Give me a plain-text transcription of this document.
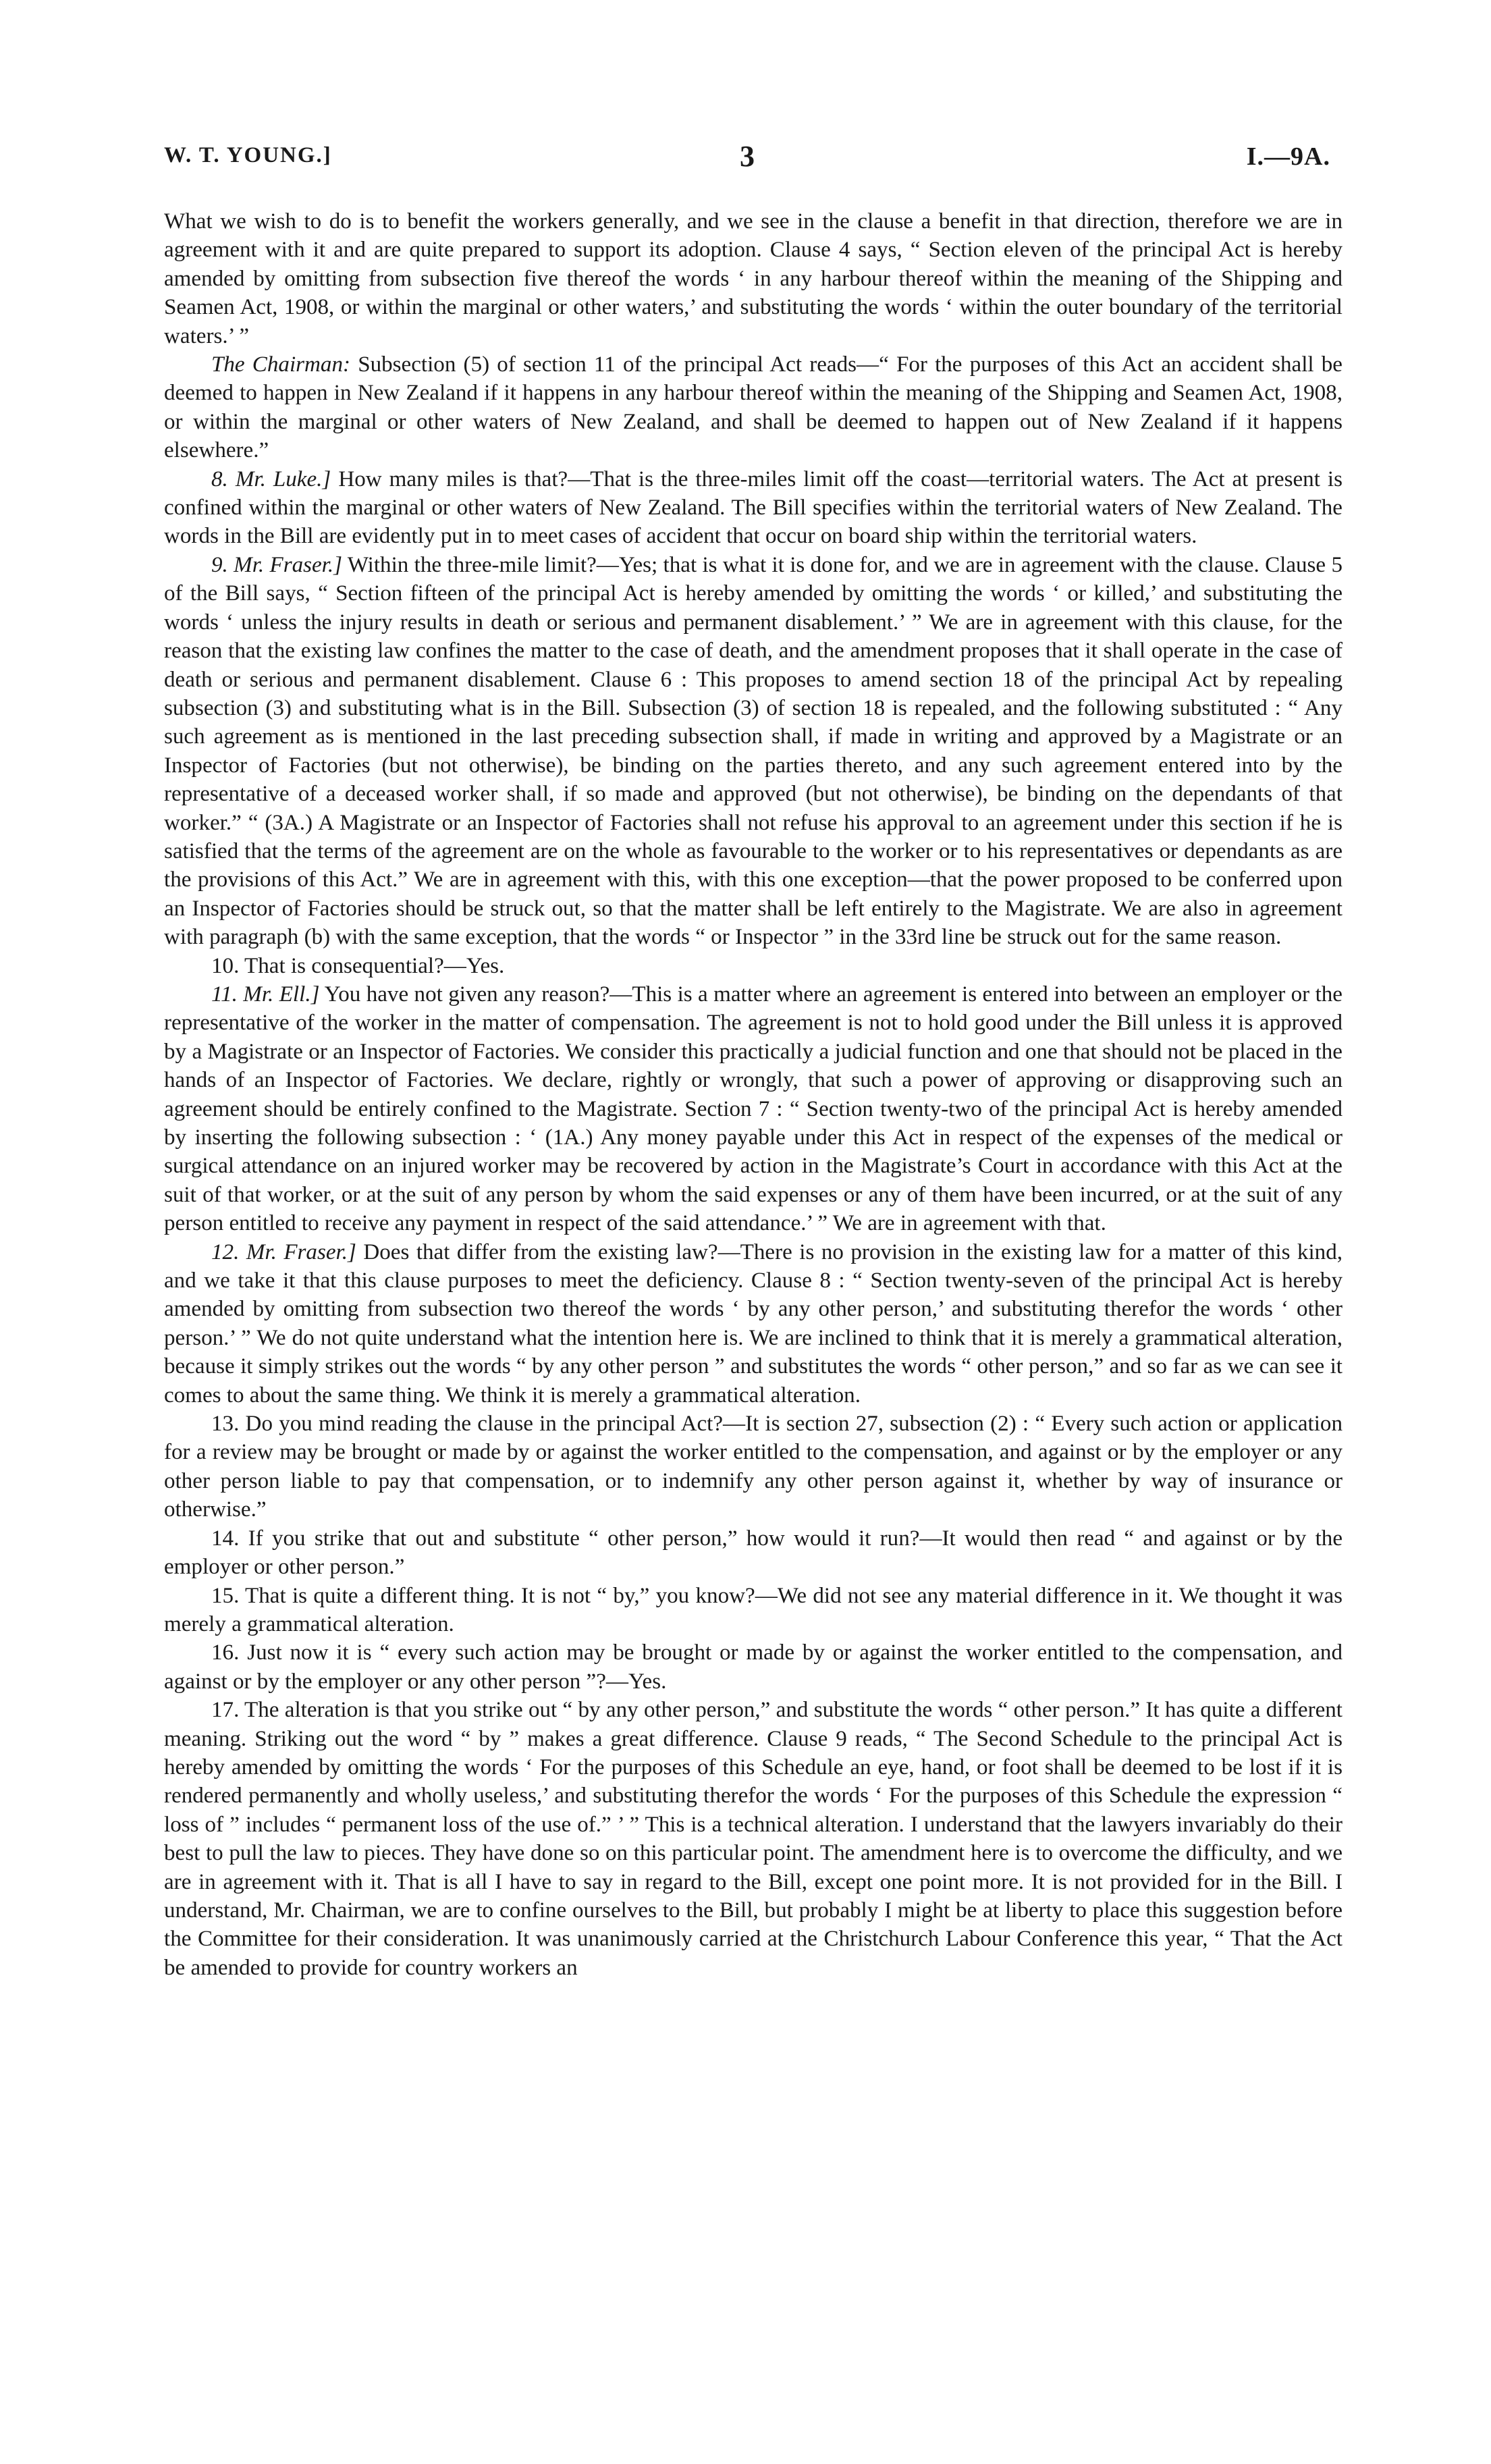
W. T. YOUNG.]	3	I.—9A.

What we wish to do is to benefit the workers generally, and we see in the clause a benefit in that direction, therefore we are in agreement with it and are quite prepared to support its adoption. Clause 4 says, “ Section eleven of the principal Act is hereby amended by omitting from subsection five thereof the words ‘ in any harbour thereof within the meaning of the Shipping and Seamen Act, 1908, or within the marginal or other waters,’ and substituting the words ‘ within the outer boundary of the territorial waters.’ ”

The Chairman: Subsection (5) of section 11 of the principal Act reads—“ For the purposes of this Act an accident shall be deemed to happen in New Zealand if it happens in any harbour thereof within the meaning of the Shipping and Seamen Act, 1908, or within the marginal or other waters of New Zealand, and shall be deemed to happen out of New Zealand if it happens elsewhere.”

8. Mr. Luke.] How many miles is that?—That is the three-miles limit off the coast—territorial waters. The Act at present is confined within the marginal or other waters of New Zealand. The Bill specifies within the territorial waters of New Zealand. The words in the Bill are evidently put in to meet cases of accident that occur on board ship within the territorial waters.

9. Mr. Fraser.] Within the three-mile limit?—Yes; that is what it is done for, and we are in agreement with the clause. Clause 5 of the Bill says, “ Section fifteen of the principal Act is hereby amended by omitting the words ‘ or killed,’ and substituting the words ‘ unless the injury results in death or serious and permanent disablement.’ ” We are in agreement with this clause, for the reason that the existing law confines the matter to the case of death, and the amendment proposes that it shall operate in the case of death or serious and permanent disablement. Clause 6 : This proposes to amend section 18 of the principal Act by repealing subsection (3) and substituting what is in the Bill. Subsection (3) of section 18 is repealed, and the following substituted : “ Any such agreement as is mentioned in the last preceding subsection shall, if made in writing and approved by a Magistrate or an Inspector of Factories (but not otherwise), be binding on the parties thereto, and any such agreement entered into by the representative of a deceased worker shall, if so made and approved (but not otherwise), be binding on the dependants of that worker.” “ (3A.) A Magistrate or an Inspector of Factories shall not refuse his approval to an agreement under this section if he is satisfied that the terms of the agreement are on the whole as favourable to the worker or to his representatives or dependants as are the provisions of this Act.” We are in agreement with this, with this one exception—that the power proposed to be conferred upon an Inspector of Factories should be struck out, so that the matter shall be left entirely to the Magistrate. We are also in agreement with paragraph (b) with the same exception, that the words “ or Inspector ” in the 33rd line be struck out for the same reason.

10. That is consequential?—Yes.

11. Mr. Ell.] You have not given any reason?—This is a matter where an agreement is entered into between an employer or the representative of the worker in the matter of compensation. The agreement is not to hold good under the Bill unless it is approved by a Magistrate or an Inspector of Factories. We consider this practically a judicial function and one that should not be placed in the hands of an Inspector of Factories. We declare, rightly or wrongly, that such a power of approving or disapproving such an agreement should be entirely confined to the Magistrate. Section 7 : “ Section twenty-two of the principal Act is hereby amended by inserting the following subsection : ‘ (1A.) Any money payable under this Act in respect of the expenses of the medical or surgical attendance on an injured worker may be recovered by action in the Magistrate’s Court in accordance with this Act at the suit of that worker, or at the suit of any person by whom the said expenses or any of them have been incurred, or at the suit of any person entitled to receive any payment in respect of the said attendance.’ ” We are in agreement with that.

12. Mr. Fraser.] Does that differ from the existing law?—There is no provision in the existing law for a matter of this kind, and we take it that this clause purposes to meet the deficiency. Clause 8 : “ Section twenty-seven of the principal Act is hereby amended by omitting from subsection two thereof the words ‘ by any other person,’ and substituting therefor the words ‘ other person.’ ” We do not quite understand what the intention here is. We are inclined to think that it is merely a grammatical alteration, because it simply strikes out the words “ by any other person ” and substitutes the words “ other person,” and so far as we can see it comes to about the same thing. We think it is merely a grammatical alteration.

13. Do you mind reading the clause in the principal Act?—It is section 27, subsection (2) : “ Every such action or application for a review may be brought or made by or against the worker entitled to the compensation, and against or by the employer or any other person liable to pay that compensation, or to indemnify any other person against it, whether by way of insurance or otherwise.”

14. If you strike that out and substitute “ other person,” how would it run?—It would then read “ and against or by the employer or other person.”

15. That is quite a different thing. It is not “ by,” you know?—We did not see any material difference in it. We thought it was merely a grammatical alteration.

16. Just now it is “ every such action may be brought or made by or against the worker entitled to the compensation, and against or by the employer or any other person ”?—Yes.

17. The alteration is that you strike out “ by any other person,” and substitute the words “ other person.” It has quite a different meaning. Striking out the word “ by ” makes a great difference. Clause 9 reads, “ The Second Schedule to the principal Act is hereby amended by omitting the words ‘ For the purposes of this Schedule an eye, hand, or foot shall be deemed to be lost if it is rendered permanently and wholly useless,’ and substituting therefor the words ‘ For the purposes of this Schedule the expression “ loss of ” includes “ permanent loss of the use of.” ’ ” This is a technical alteration. I understand that the lawyers invariably do their best to pull the law to pieces. They have done so on this particular point. The amendment here is to overcome the difficulty, and we are in agreement with it. That is all I have to say in regard to the Bill, except one point more. It is not provided for in the Bill. I understand, Mr. Chairman, we are to confine ourselves to the Bill, but probably I might be at liberty to place this suggestion before the Committee for their consideration. It was unanimously carried at the Christchurch Labour Conference this year, “ That the Act be amended to provide for country workers an
